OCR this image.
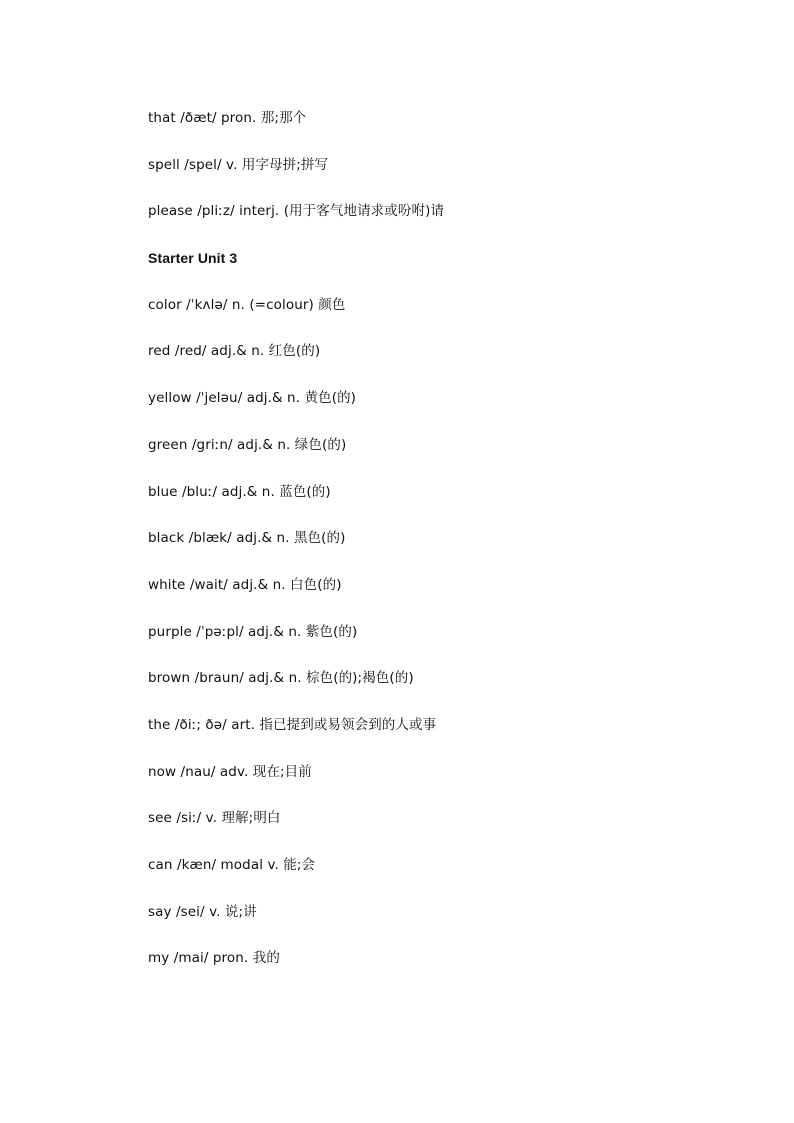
that /ðæt/ pron. 那;那个
spell /spel/ v. 用字母拼;拼写
please /pliːz/ interj. (用于客气地请求或吩咐)请
Starter Unit 3
color /ˈkʌlə/ n. (=colour) 颜色
red /red/ adj.& n. 红色(的)
yellow /ˈjeləu/ adj.& n. 黄色(的)
green /griːn/ adj.& n. 绿色(的)
blue /bluː/ adj.& n. 蓝色(的)
black /blæk/ adj.& n. 黑色(的)
white /wait/ adj.& n. 白色(的)
purple /ˈpəːpl/ adj.& n. 紫色(的)
brown /braun/ adj.& n. 棕色(的);褐色(的)
the /ðiː; ðə/ art. 指已提到或易领会到的人或事
now /nau/ adv. 现在;目前
see /siː/ v. 理解;明白
can /kæn/ modal v. 能;会
say /sei/ v. 说;讲
my /mai/ pron. 我的
